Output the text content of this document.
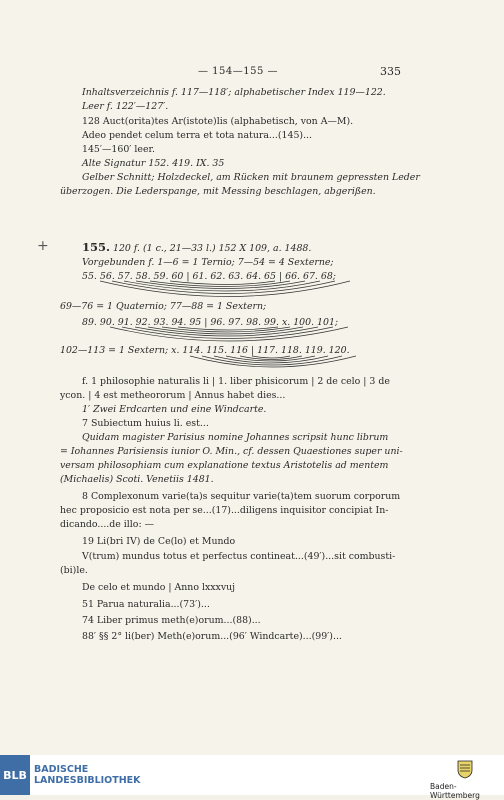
— 154—155 —	335
Inhaltsverzeichnis f. 117—118′; alphabetischer Index 119—122.
Leer f. 122′—127′.
128 Auct(orita)tes Ar(istote)lis (alphabetisch, von A—M).
Adeo pendet celum terra et tota natura...(145)...
145′—160′ leer.
Alte Signatur 152. 419. IX. 35
Gelber Schnitt; Holzdeckel, am Rücken mit braunem gepressten Leder
überzogen. Die Lederspange, mit Messing beschlagen, abgerißen.
+	155. 120 f. (1 c., 21—33 l.) 152 X 109, a. 1488.
Vorgebunden f. 1—6 = 1 Ternio; 7—54 = 4 Sexterne;
55. 56. 57. 58. 59. 60 | 61. 62. 63. 64. 65 | 66. 67. 68;
69—76 = 1 Quaternio; 77—88 = 1 Sextern;
89. 90. 91. 92. 93. 94. 95 | 96. 97. 98. 99. x. 100. 101;
102—113 = 1 Sextern; x. 114. 115. 116 | 117. 118. 119. 120.
f. 1 philosophie naturalis li | 1. liber phisicorum | 2 de celo | 3 de
ycon. | 4 est metheororum | Annus habet dies...
1′ Zwei Erdcarten und eine Windcarte.
7 Subiectum huius li. est...
Quidam magister Parisius nomine Johannes scripsit hunc librum
= Iohannes Parisiensis iunior O. Min., cf. dessen Quaestiones super uni-
versam philosophiam cum explanatione textus Aristotelis ad mentem
(Michaelis) Scoti. Venetiis 1481.
8 Complexonum varie(ta)s sequitur varie(ta)tem suorum corporum
hec proposicio est nota per se...(17)...diligens inquisitor concipiat In-
dicando....de illo: —
19 Li(bri IV) de Ce(lo) et Mundo
V(trum) mundus totus et perfectus contineat...(49′)...sit combusti-
(bi)le.
De celo et mundo | Anno lxxxvuj
51 Parua naturalia...(73′)...
74 Liber primus meth(e)orum...(88)...
88′ §§ 2° li(ber) Meth(e)orum...(96′ Windcarte)...(99′)...
BLB BADISCHE
LANDESBIBLIOTHEK
Baden-Württemberg
